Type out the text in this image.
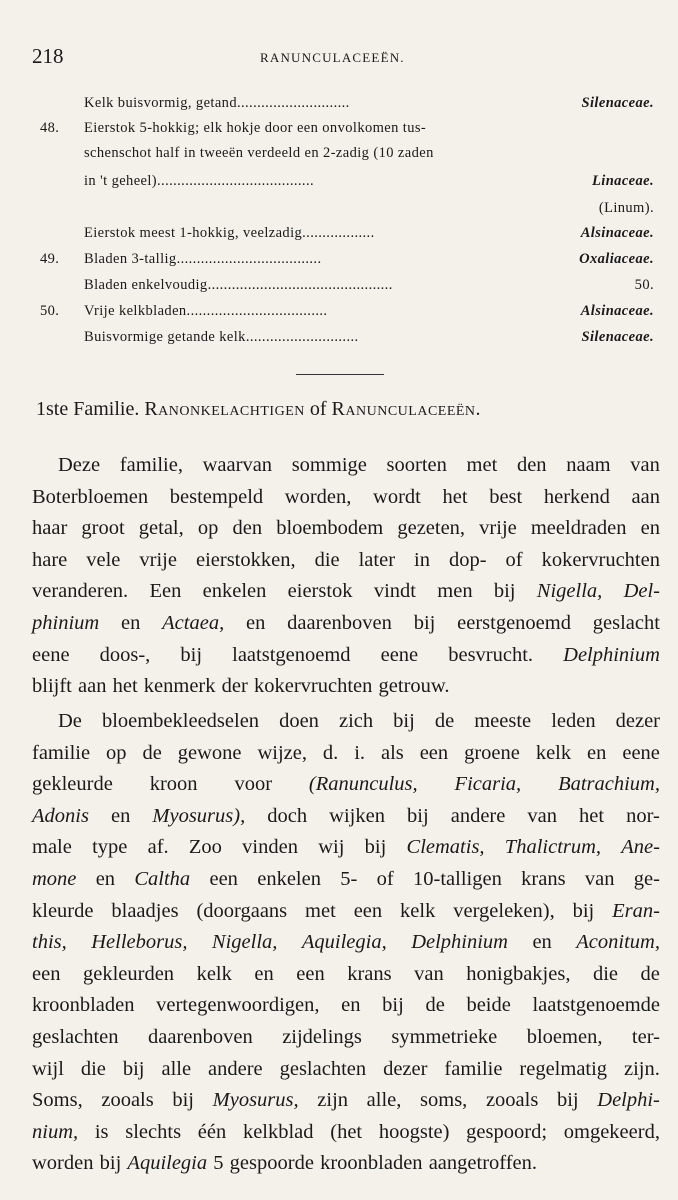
218	RANUNCULACEEËN.
Kelk buisvormig, getand............................	Silenaceae.
48.	Eierstok 5-hokkig; elk hokje door een onvolkomen tus-
schenschot half in tweeën verdeeld en 2-zadig (10 zaden
in 't geheel).......................................	Linaceae.
(Linum).
Eierstok meest 1-hokkig, veelzadig..................	Alsinaceae.
49.	Bladen 3-tallig....................................	Oxaliaceae.
Bladen enkelvoudig..............................................	50.
50.	Vrije kelkbladen...................................	Alsinaceae.
Buisvormige getande kelk............................	Silenaceae.
1ste Familie. Ranonkelachtigen of Ranunculaceeën.
Deze familie, waarvan sommige soorten met den naam van
Boterbloemen bestempeld worden, wordt het best herkend aan
haar groot getal, op den bloembodem gezeten, vrije meeldraden en
hare vele vrije eierstokken, die later in dop- of kokervruchten
veranderen. Een enkelen eierstok vindt men bij Nigella, Del-
phinium en Actaea, en daarenboven bij eerstgenoemd geslacht
eene doos-, bij laatstgenoemd eene besvrucht. Delphinium
blijft aan het kenmerk der kokervruchten getrouw.
De bloembekleedselen doen zich bij de meeste leden dezer
familie op de gewone wijze, d. i. als een groene kelk en eene
gekleurde kroon voor (Ranunculus, Ficaria, Batrachium,
Adonis en Myosurus), doch wijken bij andere van het nor-
male type af. Zoo vinden wij bij Clematis, Thalictrum, Ane-
mone en Caltha een enkelen 5- of 10-talligen krans van ge-
kleurde blaadjes (doorgaans met een kelk vergeleken), bij Eran-
this, Helleborus, Nigella, Aquilegia, Delphinium en Aconitum,
een gekleurden kelk en een krans van honigbakjes, die de
kroonbladen vertegenwoordigen, en bij de beide laatstgenoemde
geslachten daarenboven zijdelings symmetrieke bloemen, ter-
wijl die bij alle andere geslachten dezer familie regelmatig zijn.
Soms, zooals bij Myosurus, zijn alle, soms, zooals bij Delphi-
nium, is slechts één kelkblad (het hoogste) gespoord; omgekeerd,
worden bij Aquilegia 5 gespoorde kroonbladen aangetroffen.
